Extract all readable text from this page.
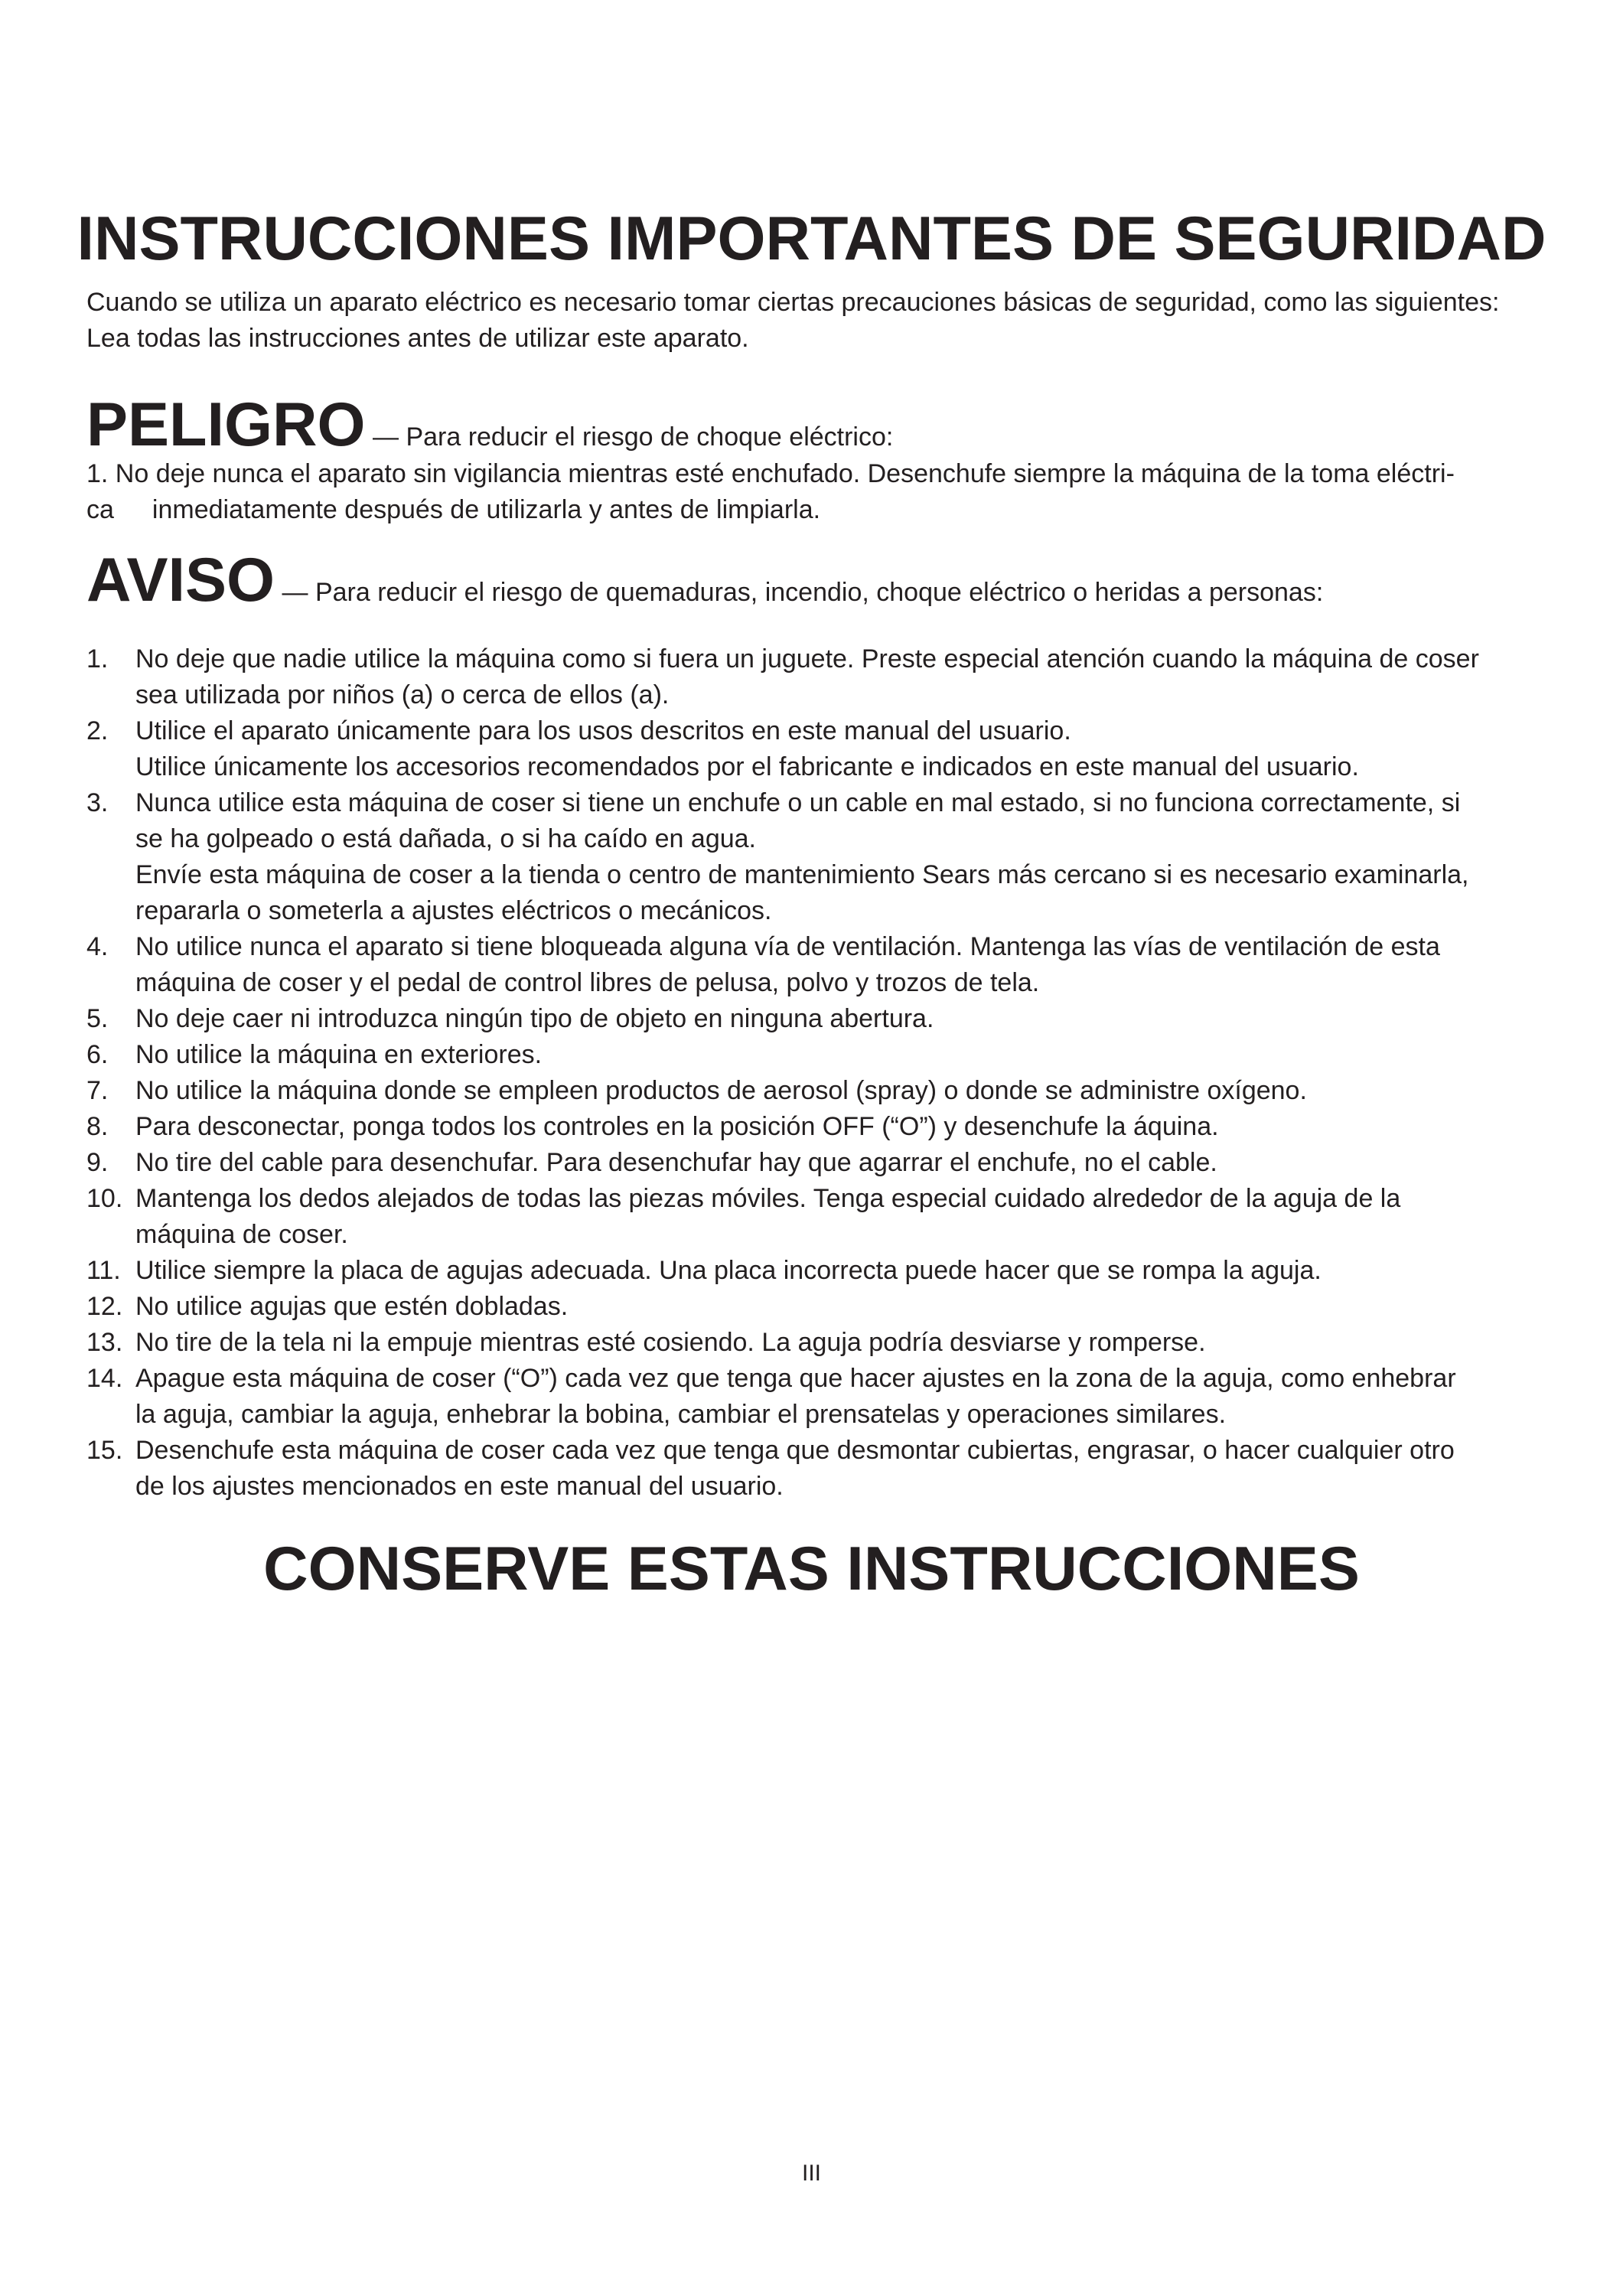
INSTRUCCIONES IMPORTANTES DE SEGURIDAD

Cuando se utiliza un aparato eléctrico es necesario tomar ciertas precauciones básicas de seguridad, como las siguientes: Lea todas las instrucciones antes de utilizar este aparato.

PELIGRO — Para reducir el riesgo de choque eléctrico:
1. No deje nunca el aparato sin vigilancia mientras esté enchufado. Desenchufe siempre la máquina de la toma eléctri-
ca inmediatamente después de utilizarla y antes de limpiarla.
AVISO — Para reducir el riesgo de quemaduras, incendio, choque eléctrico o heridas a personas:
1. No deje que nadie utilice la máquina como si fuera un juguete. Preste especial atención cuando la máquina de coser
sea utilizada por niños (a) o cerca de ellos (a).
2. Utilice el aparato únicamente para los usos descritos en este manual del usuario.
Utilice únicamente los accesorios recomendados por el fabricante e indicados en este manual del usuario.
3. Nunca utilice esta máquina de coser si tiene un enchufe o un cable en mal estado, si no funciona correctamente, si
se ha golpeado o está dañada, o si ha caído en agua.
Envíe esta máquina de coser a la tienda o centro de mantenimiento Sears más cercano si es necesario examinarla,
repararla o someterla a ajustes eléctricos o mecánicos.
4. No utilice nunca el aparato si tiene bloqueada alguna vía de ventilación. Mantenga las vías de ventilación de esta
máquina de coser y el pedal de control libres de pelusa, polvo y trozos de tela.
5. No deje caer ni introduzca ningún tipo de objeto en ninguna abertura.
6. No utilice la máquina en exteriores.
7. No utilice la máquina donde se empleen productos de aerosol (spray) o donde se administre oxígeno.
8. Para desconectar, ponga todos los controles en la posición OFF (“O”) y desenchufe la áquina.
9. No tire del cable para desenchufar. Para desenchufar hay que agarrar el enchufe, no el cable.
10. Mantenga los dedos alejados de todas las piezas móviles. Tenga especial cuidado alrededor de la aguja de la
máquina de coser.
11. Utilice siempre la placa de agujas adecuada. Una placa incorrecta puede hacer que se rompa la aguja.
12. No utilice agujas que estén dobladas.
13. No tire de la tela ni la empuje mientras esté cosiendo. La aguja podría desviarse y romperse.
14. Apague esta máquina de coser (“O”) cada vez que tenga que hacer ajustes en la zona de la aguja, como enhebrar
la aguja, cambiar la aguja, enhebrar la bobina, cambiar el prensatelas y operaciones similares.
15. Desenchufe esta máquina de coser cada vez que tenga que desmontar cubiertas, engrasar, o hacer cualquier otro
de los ajustes mencionados en este manual del usuario.
CONSERVE ESTAS INSTRUCCIONES
III
